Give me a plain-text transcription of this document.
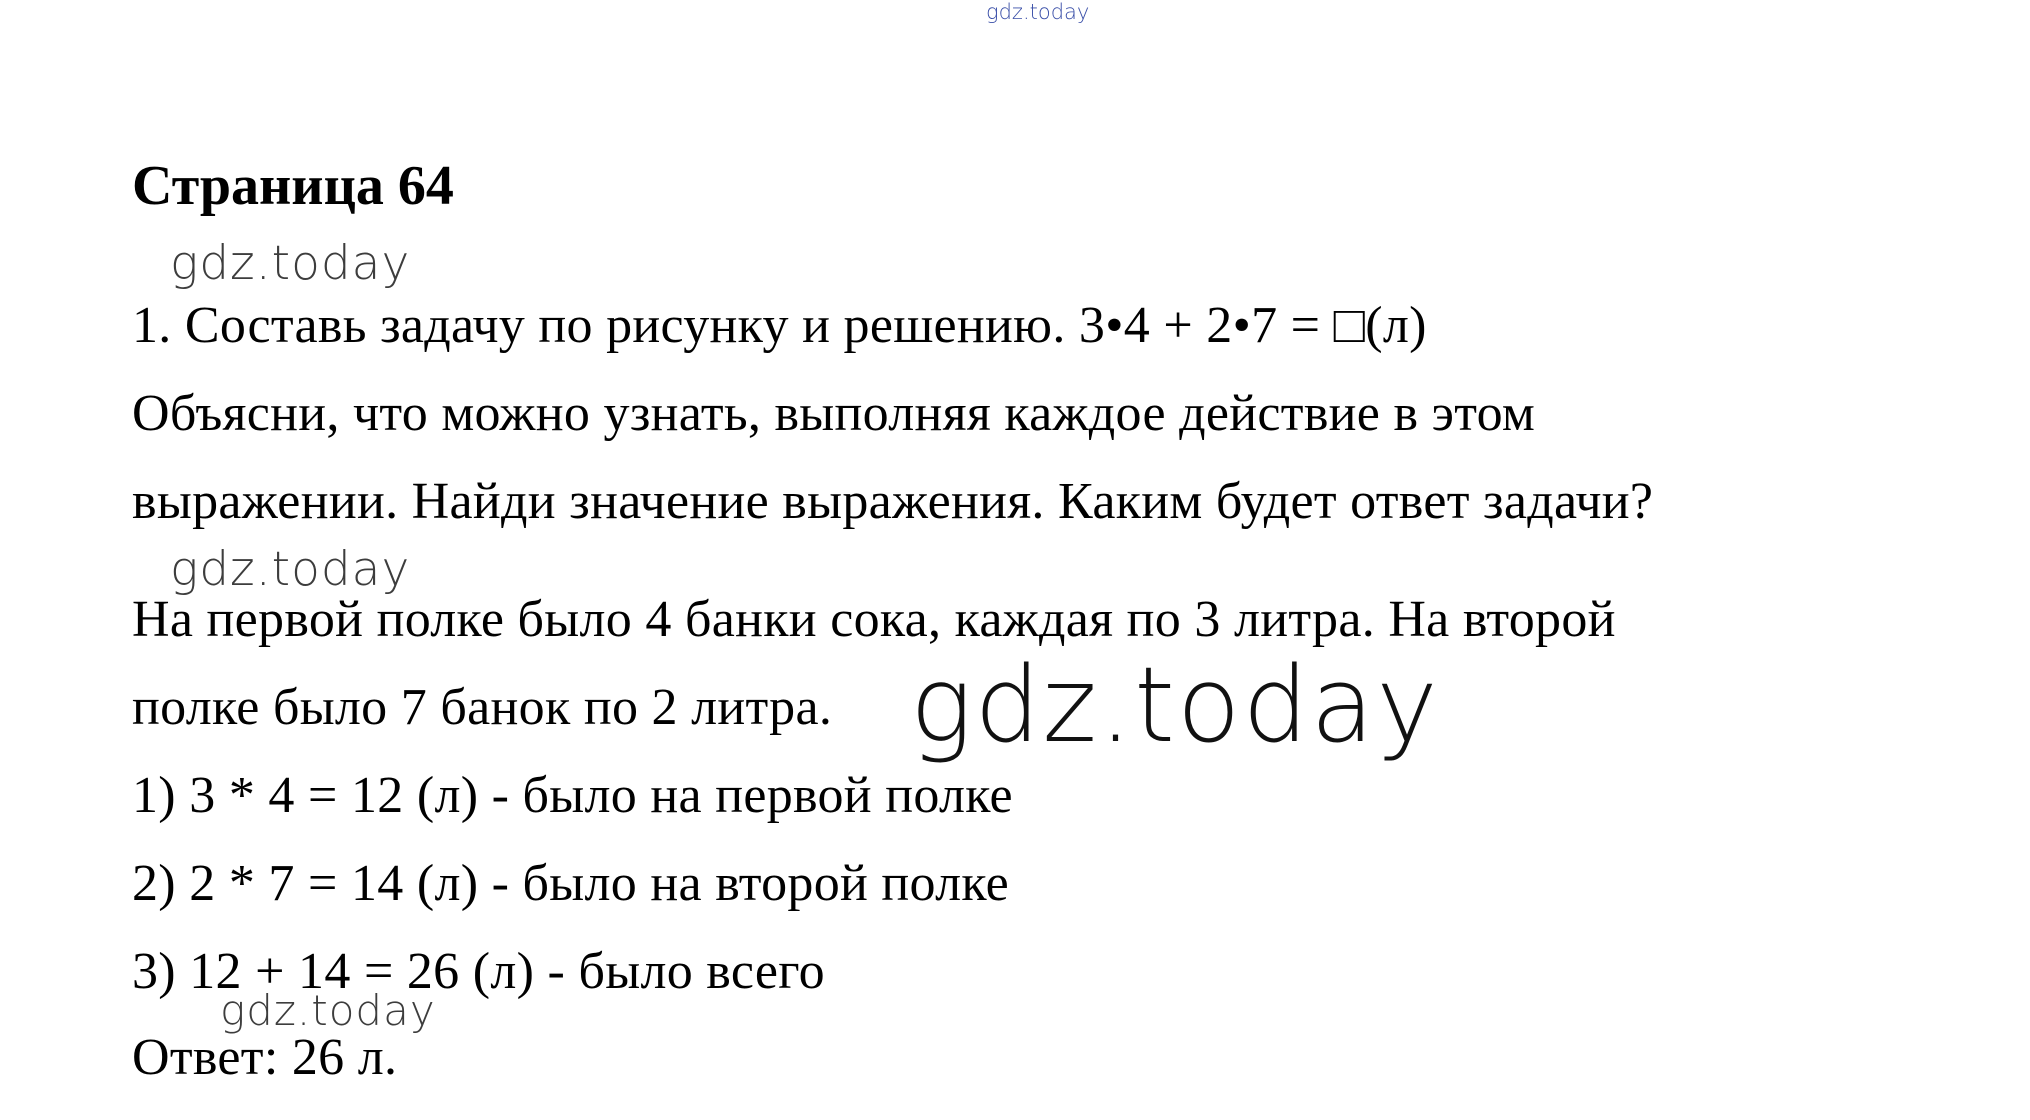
gdz.today

Страница 64

gdz.today

1. Составь задачу по рисунку и решению. 3•4 + 2•7 = □(л)

Объясни, что можно узнать, выполняя каждое действие в этом

выражении. Найди значение выражения. Каким будет ответ задачи?

gdz.today

На первой полке было 4 банки сока, каждая по 3 литра. На второй

полке было 7 банок по 2 литра. gdz.today

1) 3 * 4 = 12 (л) - было на первой полке

2) 2 * 7 = 14 (л) - было на второй полке

3) 12 + 14 = 26 (л) - было всего

gdz.today

Ответ: 26 л.
